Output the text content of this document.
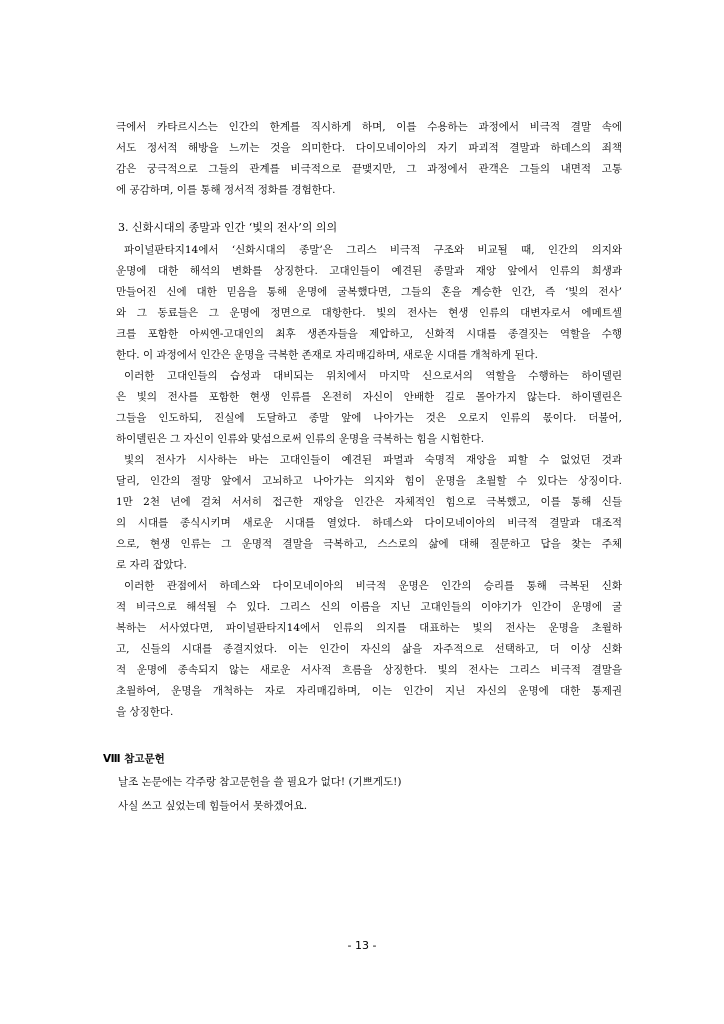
극에서 카타르시스는 인간의 한계를 직시하게 하며, 이를 수용하는 과정에서 비극적 결말 속에
서도 정서적 해방을 느끼는 것을 의미한다. 다이모네이아의 자기 파괴적 결말과 하데스의 죄책
감은 궁극적으로 그들의 관계를 비극적으로 끝맺지만, 그 과정에서 관객은 그들의 내면적 고통
에 공감하며, 이를 통해 정서적 정화를 경험한다.
3. 신화시대의 종말과 인간 ‘빛의 전사’의 의의
파이널판타지14에서 ‘신화시대의 종말’은 그리스 비극적 구조와 비교될 때, 인간의 의지와
운명에 대한 해석의 변화를 상징한다. 고대인들이 예견된 종말과 재앙 앞에서 인류의 희생과
만들어진 신에 대한 믿음을 통해 운명에 굴복했다면, 그들의 혼을 계승한 인간, 즉 ‘빛의 전사’
와 그 동료들은 그 운명에 정면으로 대항한다. 빛의 전사는 현생 인류의 대변자로서 에메트셀
크를 포함한 아씨엔-고대인의 최후 생존자들을 제압하고, 신화적 시대를 종결짓는 역할을 수행
한다. 이 과정에서 인간은 운명을 극복한 존재로 자리매김하며, 새로운 시대를 개척하게 된다.
이러한 고대인들의 습성과 대비되는 위치에서 마지막 신으로서의 역할을 수행하는 하이델린
은 빛의 전사를 포함한 현생 인류를 온전히 자신이 안배한 길로 몰아가지 않는다. 하이델린은
그들을 인도하되, 진실에 도달하고 종말 앞에 나아가는 것은 오로지 인류의 몫이다. 더불어,
하이델린은 그 자신이 인류와 맞섬으로써 인류의 운명을 극복하는 힘을 시험한다.
빛의 전사가 시사하는 바는 고대인들이 예견된 파멸과 숙명적 재앙을 피할 수 없었던 것과
달리, 인간의 절망 앞에서 고뇌하고 나아가는 의지와 힘이 운명을 초월할 수 있다는 상징이다.
1만 2천 년에 걸쳐 서서히 접근한 재앙을 인간은 자체적인 힘으로 극복했고, 이를 통해 신들
의 시대를 종식시키며 새로운 시대를 열었다. 하데스와 다이모네이아의 비극적 결말과 대조적
으로, 현생 인류는 그 운명적 결말을 극복하고, 스스로의 삶에 대해 질문하고 답을 찾는 주체
로 자리 잡았다.
이러한 관점에서 하데스와 다이모네이아의 비극적 운명은 인간의 승리를 통해 극복된 신화
적 비극으로 해석될 수 있다. 그리스 신의 이름을 지닌 고대인들의 이야기가 인간이 운명에 굴
복하는 서사였다면, 파이널판타지14에서 인류의 의지를 대표하는 빛의 전사는 운명을 초월하
고, 신들의 시대를 종결지었다. 이는 인간이 자신의 삶을 자주적으로 선택하고, 더 이상 신화
적 운명에 종속되지 않는 새로운 서사적 흐름을 상징한다. 빛의 전사는 그리스 비극적 결말을
초월하여, 운명을 개척하는 자로 자리매김하며, 이는 인간이 지닌 자신의 운명에 대한 통제권
을 상징한다.
Ⅷ 참고문헌
날조 논문에는 각주랑 참고문헌을 쓸 필요가 없다! (기쁘게도!)
사실 쓰고 싶었는데 힘들어서 못하겠어요.
- 13 -
